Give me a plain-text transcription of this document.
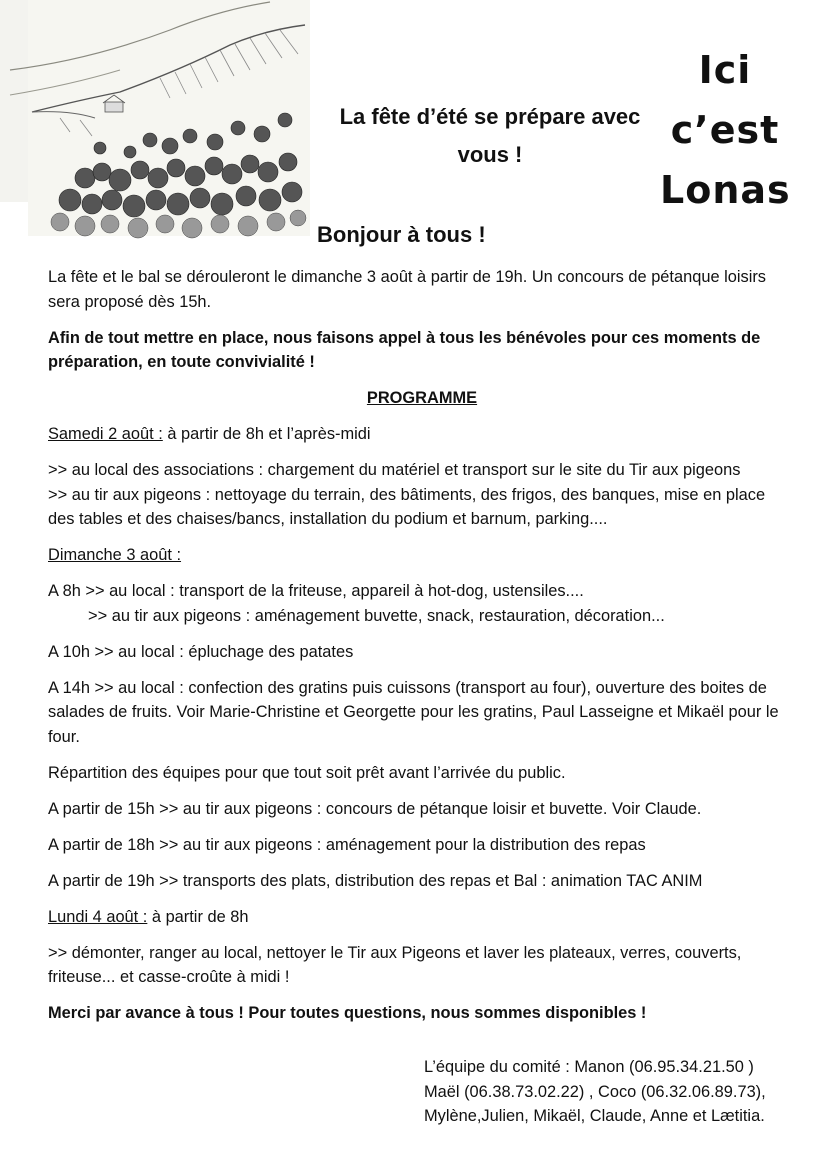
Ici
c’est
Lonas
La fête d’été se prépare avec
vous !
Bonjour à tous !

La fête et le bal se dérouleront le dimanche 3 août à partir de 19h. Un concours de pétanque loisirs sera proposé dès 15h.

Afin de tout mettre en place, nous faisons appel à tous les bénévoles pour ces moments de préparation, en toute convivialité !

PROGRAMME

Samedi 2 août : à partir de 8h et l’après-midi

>> au local des associations : chargement du matériel et transport sur le site du Tir aux pigeons
>> au tir aux pigeons : nettoyage du terrain, des bâtiments, des frigos, des banques, mise en place des tables et des chaises/bancs, installation du podium et barnum, parking....

Dimanche 3 août :

A 8h >> au local : transport de la friteuse, appareil à hot-dog, ustensiles....
>> au tir aux pigeons : aménagement buvette, snack, restauration, décoration...

A 10h >> au local : épluchage des patates

A 14h >> au local : confection des gratins puis cuissons (transport au four), ouverture des boites de salades de fruits. Voir Marie-Christine et Georgette pour les gratins, Paul Lasseigne et Mikaël pour le four.

Répartition des équipes pour que tout soit prêt avant l’arrivée du public.

A partir de 15h >> au tir aux pigeons : concours de pétanque loisir et buvette. Voir Claude.

A partir de 18h >> au tir aux pigeons : aménagement pour la distribution des repas

A partir de 19h >> transports des plats, distribution des repas et Bal : animation TAC ANIM

Lundi 4 août : à partir de 8h

>> démonter, ranger au local, nettoyer le Tir aux Pigeons et laver les plateaux, verres, couverts, friteuse... et casse-croûte à midi !

Merci par avance à tous ! Pour toutes questions, nous sommes disponibles !

L’équipe du comité : Manon (06.95.34.21.50 )
Maël (06.38.73.02.22) , Coco (06.32.06.89.73),
Mylène,Julien, Mikaël, Claude, Anne et Lætitia.
